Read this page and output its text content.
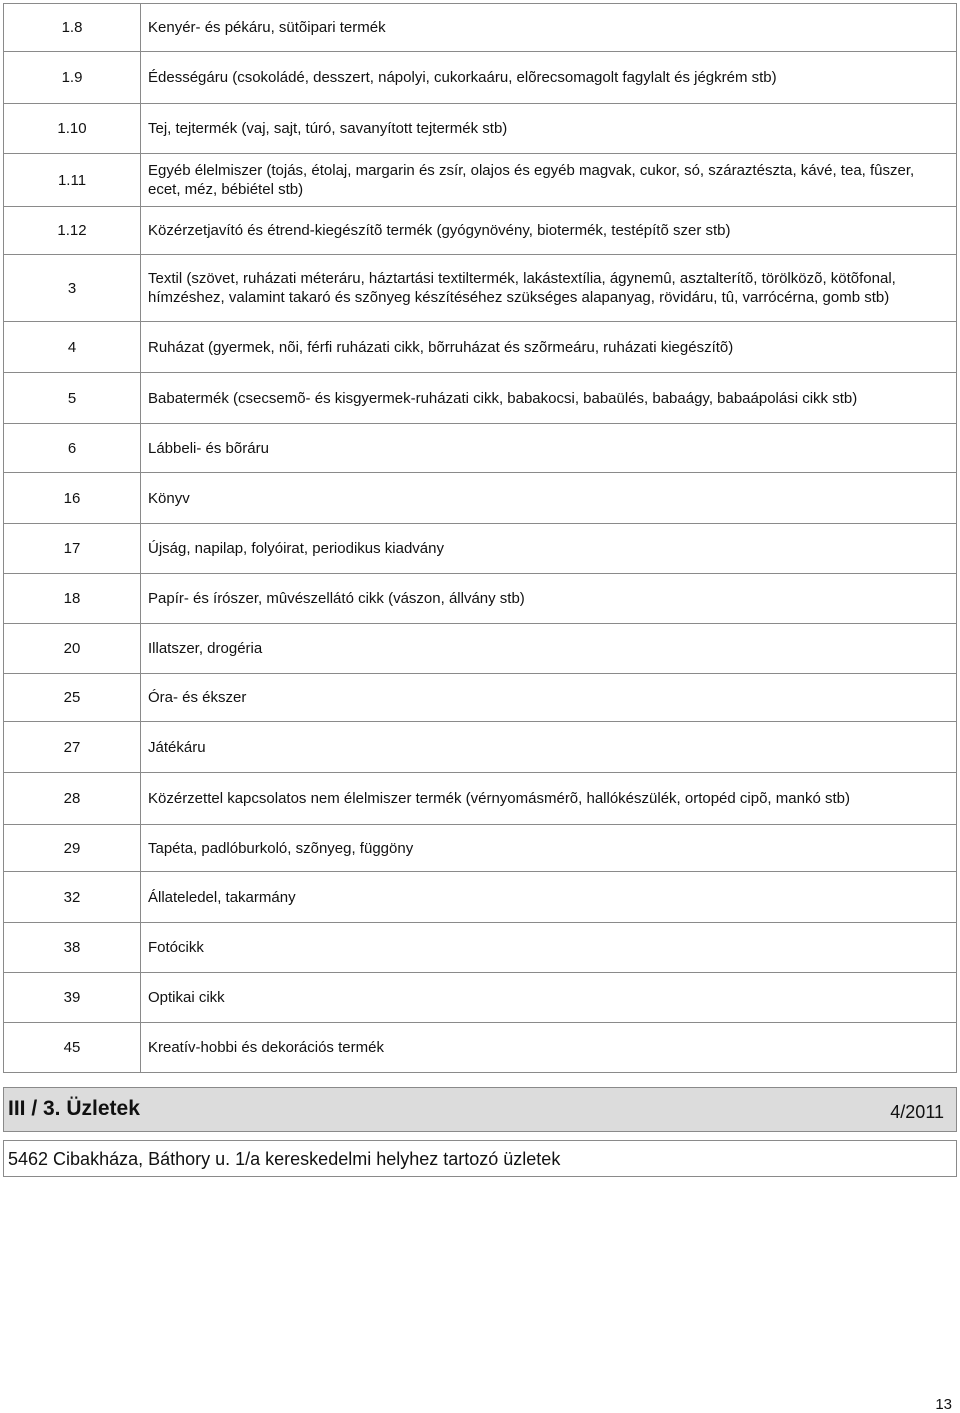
1.8	Kenyér- és pékáru, sütõipari termék
1.9	Édességáru (csokoládé, desszert, nápolyi, cukorkaáru, elõrecsomagolt fagylalt és jégkrém stb)
1.10	Tej, tejtermék (vaj, sajt, túró, savanyított tejtermék stb)
1.11	Egyéb élelmiszer (tojás, étolaj, margarin és zsír, olajos és egyéb magvak, cukor, só, száraztészta, kávé, tea, fûszer, ecet, méz, bébiétel stb)
1.12	Közérzetjavító és étrend-kiegészítõ termék (gyógynövény, biotermék, testépítõ szer stb)
3	Textil (szövet, ruházati méteráru, háztartási textiltermék, lakástextília, ágynemû, asztalterítõ, törölközõ, kötõfonal, hímzéshez, valamint takaró és szõnyeg készítéséhez szükséges alapanyag, rövidáru, tû, varrócérna, gomb stb)
4	Ruházat (gyermek, nõi, férfi ruházati cikk, bõrruházat és szõrmeáru, ruházati kiegészítõ)
5	Babatermék (csecsemõ- és kisgyermek-ruházati cikk, babakocsi, babaülés, babaágy, babaápolási cikk stb)
6	Lábbeli- és bõráru
16	Könyv
17	Újság, napilap, folyóirat, periodikus kiadvány
18	Papír- és írószer, mûvészellátó cikk (vászon, állvány stb)
20	Illatszer, drogéria
25	Óra- és ékszer
27	Játékáru
28	Közérzettel kapcsolatos nem élelmiszer termék (vérnyomásmérõ, hallókészülék, ortopéd cipõ, mankó stb)
29	Tapéta, padlóburkoló, szõnyeg, függöny
32	Állateledel, takarmány
38	Fotócikk
39	Optikai cikk
45	Kreatív-hobbi és dekorációs termék
III / 3. Üzletek	4/2011
5462 Cibakháza, Báthory u. 1/a kereskedelmi helyhez tartozó üzletek
13
